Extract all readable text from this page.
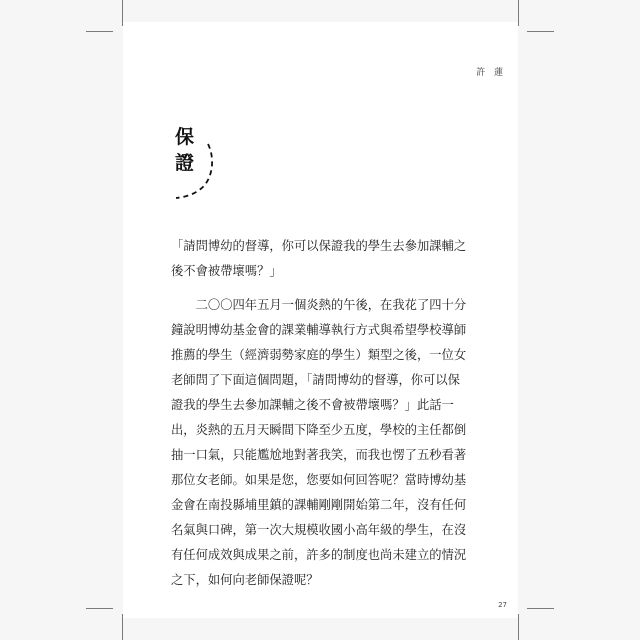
許 蓮
保
證

「請問博幼的督導，你可以保證我的學生去參加課輔之後不會被帶壞嗎？」

二〇〇四年五月一個炎熱的午後，在我花了四十分鐘說明博幼基金會的課業輔導執行方式與希望學校導師推薦的學生（經濟弱勢家庭的學生）類型之後，一位女老師問了下面這個問題，「請問博幼的督導，你可以保證我的學生去參加課輔之後不會被帶壞嗎？」此話一出，炎熱的五月天瞬間下降至少五度，學校的主任都倒抽一口氣，只能尷尬地對著我笑，而我也愣了五秒看著那位女老師。如果是您，您要如何回答呢？當時博幼基金會在南投縣埔里鎮的課輔剛剛開始第二年，沒有任何名氣與口碑，第一次大規模收國小高年級的學生，在沒有任何成效與成果之前，許多的制度也尚未建立的情況之下，如何向老師保證呢？

27
